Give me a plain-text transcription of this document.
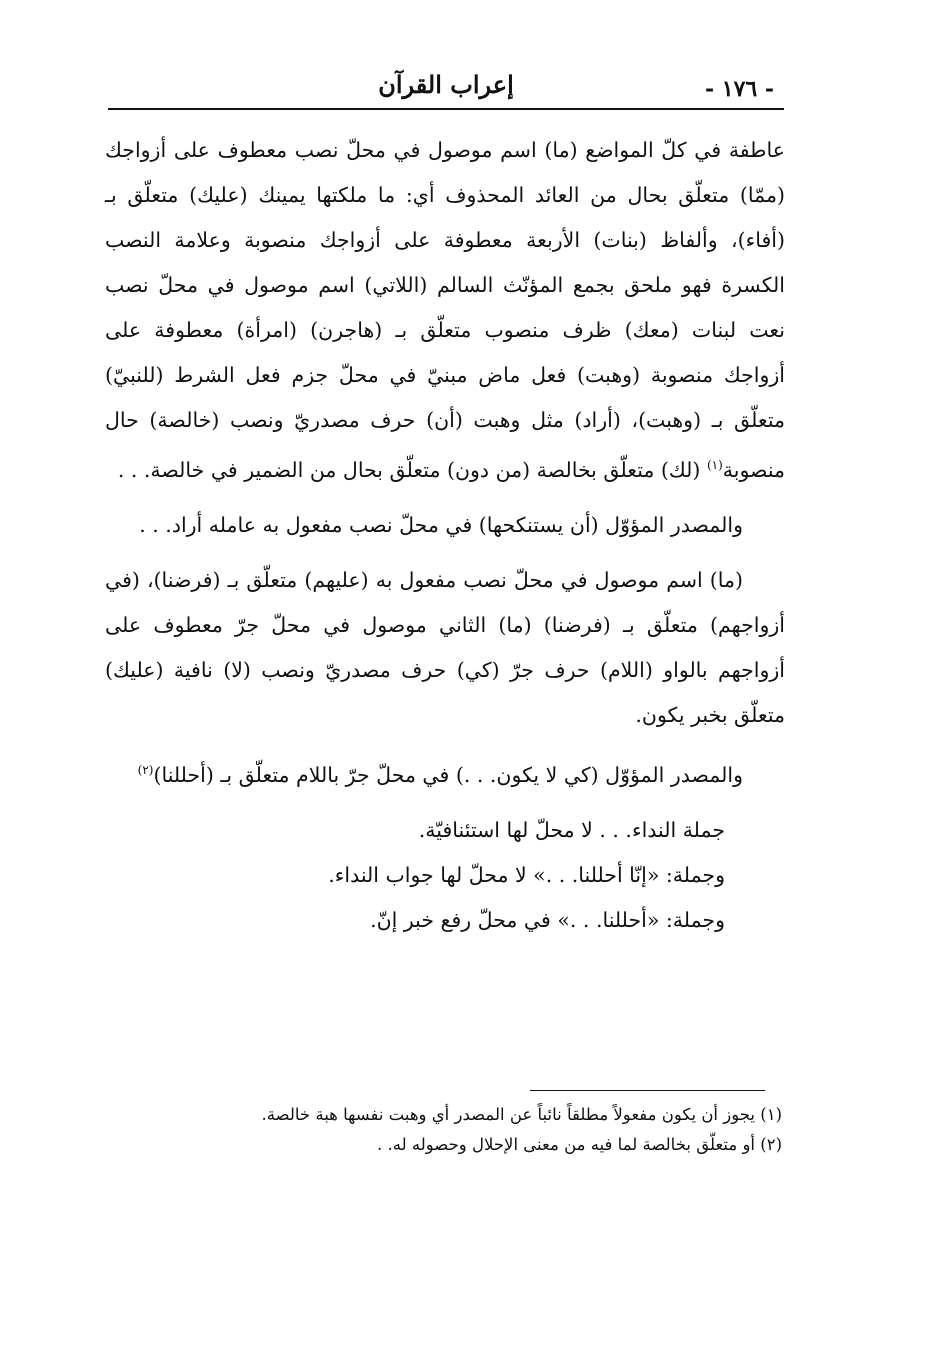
- ١٧٦ -
إعراب القرآن

عاطفة في كلّ المواضع (ما) اسم موصول في محلّ نصب معطوف على أزواجك (ممّا) متعلّق بحال من العائد المحذوف أي: ما ملكتها يمينك (عليك) متعلّق بـ (أفاء)، وألفاظ (بنات) الأربعة معطوفة على أزواجك منصوبة وعلامة النصب الكسرة فهو ملحق بجمع المؤنّث السالم (اللاتي) اسم موصول في محلّ نصب نعت لبنات (معك) ظرف منصوب متعلّق بـ (هاجرن) (امرأة) معطوفة على أزواجك منصوبة (وهبت) فعل ماض مبنيّ في محلّ جزم فعل الشرط (للنبيّ) متعلّق بـ (وهبت)، (أراد) مثل وهبت (أن) حرف مصدريّ ونصب (خالصة) حال منصوبة$^{(١)}$ (لك) متعلّق بخالصة (من دون) متعلّق بحال من الضمير في خالصة. . .

والمصدر المؤوّل (أن يستنكحها) في محلّ نصب مفعول به عامله أراد. . .

(ما) اسم موصول في محلّ نصب مفعول به (عليهم) متعلّق بـ (فرضنا)، (في أزواجهم) متعلّق بـ (فرضنا) (ما) الثاني موصول في محلّ جرّ معطوف على أزواجهم بالواو (اللام) حرف جرّ (كي) حرف مصدريّ ونصب (لا) نافية (عليك) متعلّق بخبر يكون.

والمصدر المؤوّل (كي لا يكون. . .) في محلّ جرّ باللام متعلّق بـ (أحللنا)$^{(٢)}$

جملة النداء. . . لا محلّ لها استئنافيّة.

وجملة: «إنّا أحللنا. . .» لا محلّ لها جواب النداء.

وجملة: «أحللنا. . .» في محلّ رفع خبر إنّ.

(١) يجوز أن يكون مفعولاً مطلقاً نائباً عن المصدر أي وهبت نفسها هبة خالصة.

(٢) أو متعلّق بخالصة لما فيه من معنى الإحلال وحصوله له. .
